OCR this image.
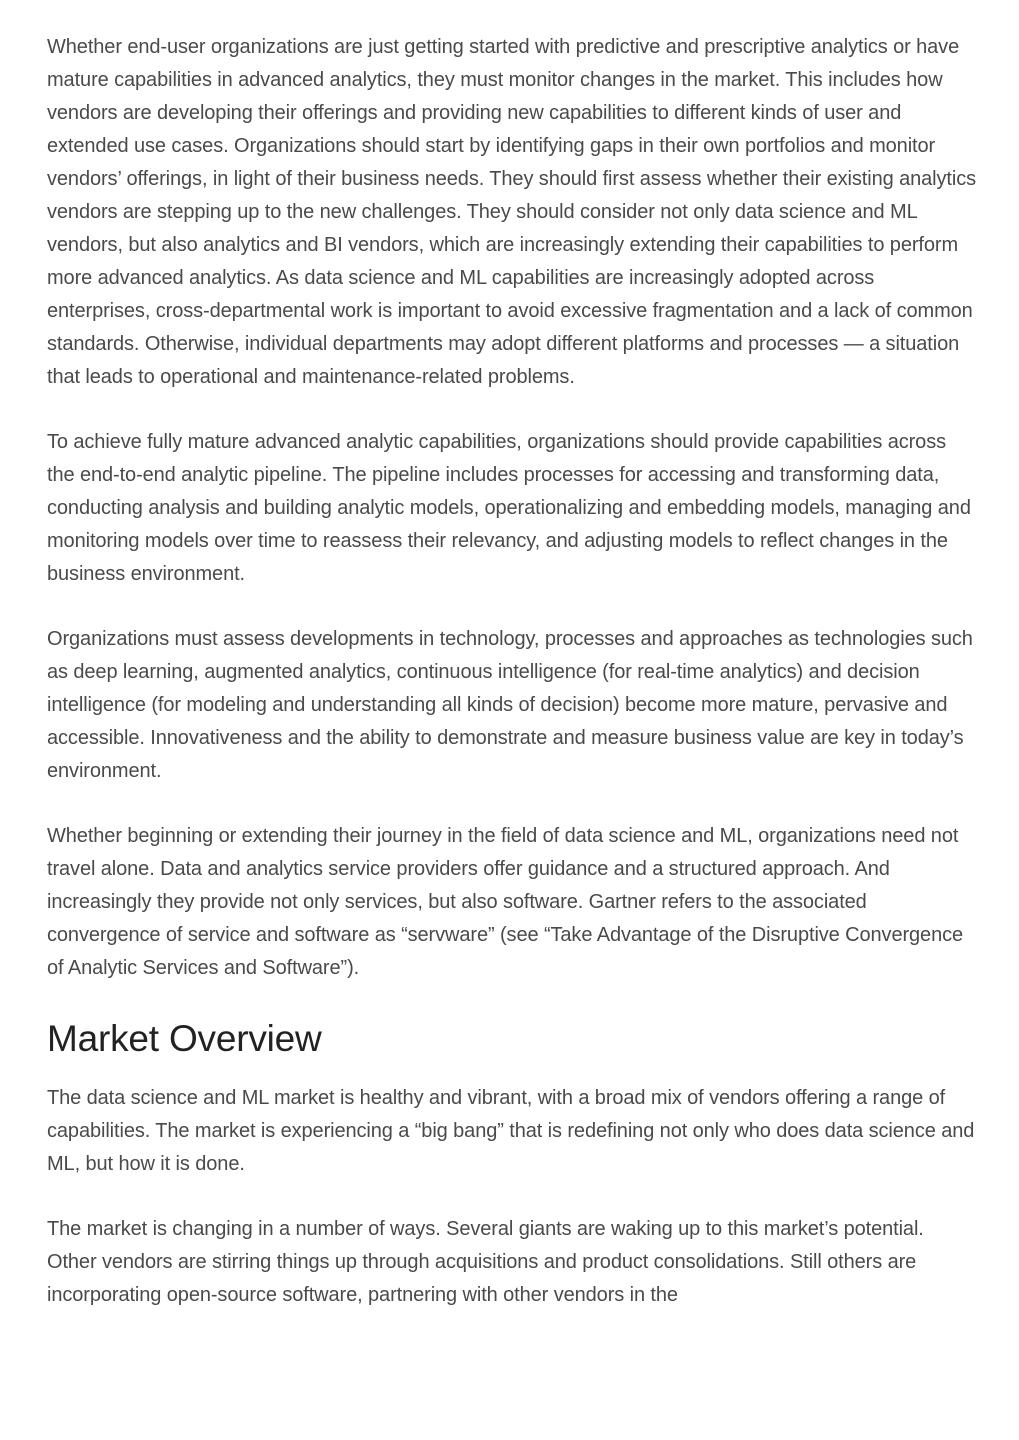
Whether end-user organizations are just getting started with predictive and prescriptive analytics or have mature capabilities in advanced analytics, they must monitor changes in the market. This includes how vendors are developing their offerings and providing new capabilities to different kinds of user and extended use cases. Organizations should start by identifying gaps in their own portfolios and monitor vendors’ offerings, in light of their business needs. They should first assess whether their existing analytics vendors are stepping up to the new challenges. They should consider not only data science and ML vendors, but also analytics and BI vendors, which are increasingly extending their capabilities to perform more advanced analytics. As data science and ML capabilities are increasingly adopted across enterprises, cross-departmental work is important to avoid excessive fragmentation and a lack of common standards. Otherwise, individual departments may adopt different platforms and processes — a situation that leads to operational and maintenance-related problems.

To achieve fully mature advanced analytic capabilities, organizations should provide capabilities across the end-to-end analytic pipeline. The pipeline includes processes for accessing and transforming data, conducting analysis and building analytic models, operationalizing and embedding models, managing and monitoring models over time to reassess their relevancy, and adjusting models to reflect changes in the business environment.

Organizations must assess developments in technology, processes and approaches as technologies such as deep learning, augmented analytics, continuous intelligence (for real-time analytics) and decision intelligence (for modeling and understanding all kinds of decision) become more mature, pervasive and accessible. Innovativeness and the ability to demonstrate and measure business value are key in today’s environment.

Whether beginning or extending their journey in the field of data science and ML, organizations need not travel alone. Data and analytics service providers offer guidance and a structured approach. And increasingly they provide not only services, but also software. Gartner refers to the associated convergence of service and software as “servware” (see “Take Advantage of the Disruptive Convergence of Analytic Services and Software”).

Market Overview

The data science and ML market is healthy and vibrant, with a broad mix of vendors offering a range of capabilities. The market is experiencing a “big bang” that is redefining not only who does data science and ML, but how it is done.

The market is changing in a number of ways. Several giants are waking up to this market’s potential. Other vendors are stirring things up through acquisitions and product consolidations. Still others are incorporating open-source software, partnering with other vendors in the
